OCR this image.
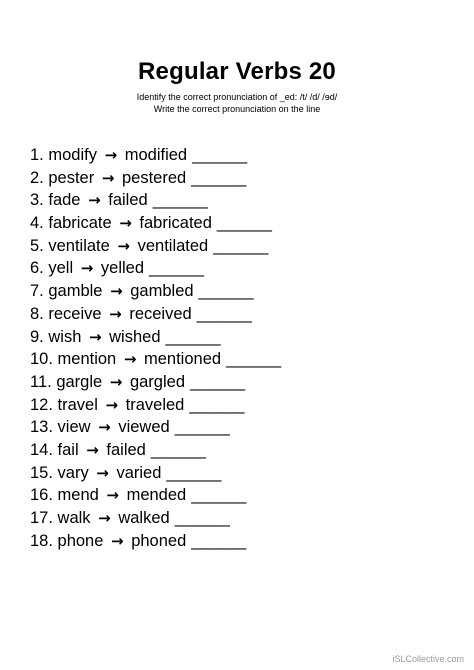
Regular Verbs 20
Identify the correct pronunciation of _ed: /t/ /d/ /ɘd/
Write the correct pronunciation on the line
1. modify → modified ______
2. pester → pestered ______
3. fade → failed ______
4. fabricate → fabricated ______
5. ventilate → ventilated ______
6. yell → yelled ______
7. gamble → gambled ______
8. receive → received ______
9. wish → wished ______
10. mention → mentioned ______
11. gargle → gargled ______
12. travel → traveled ______
13. view → viewed ______
14. fail → failed ______
15. vary → varied ______
16. mend → mended ______
17. walk → walked ______
18. phone → phoned ______
iSLCollective.com
